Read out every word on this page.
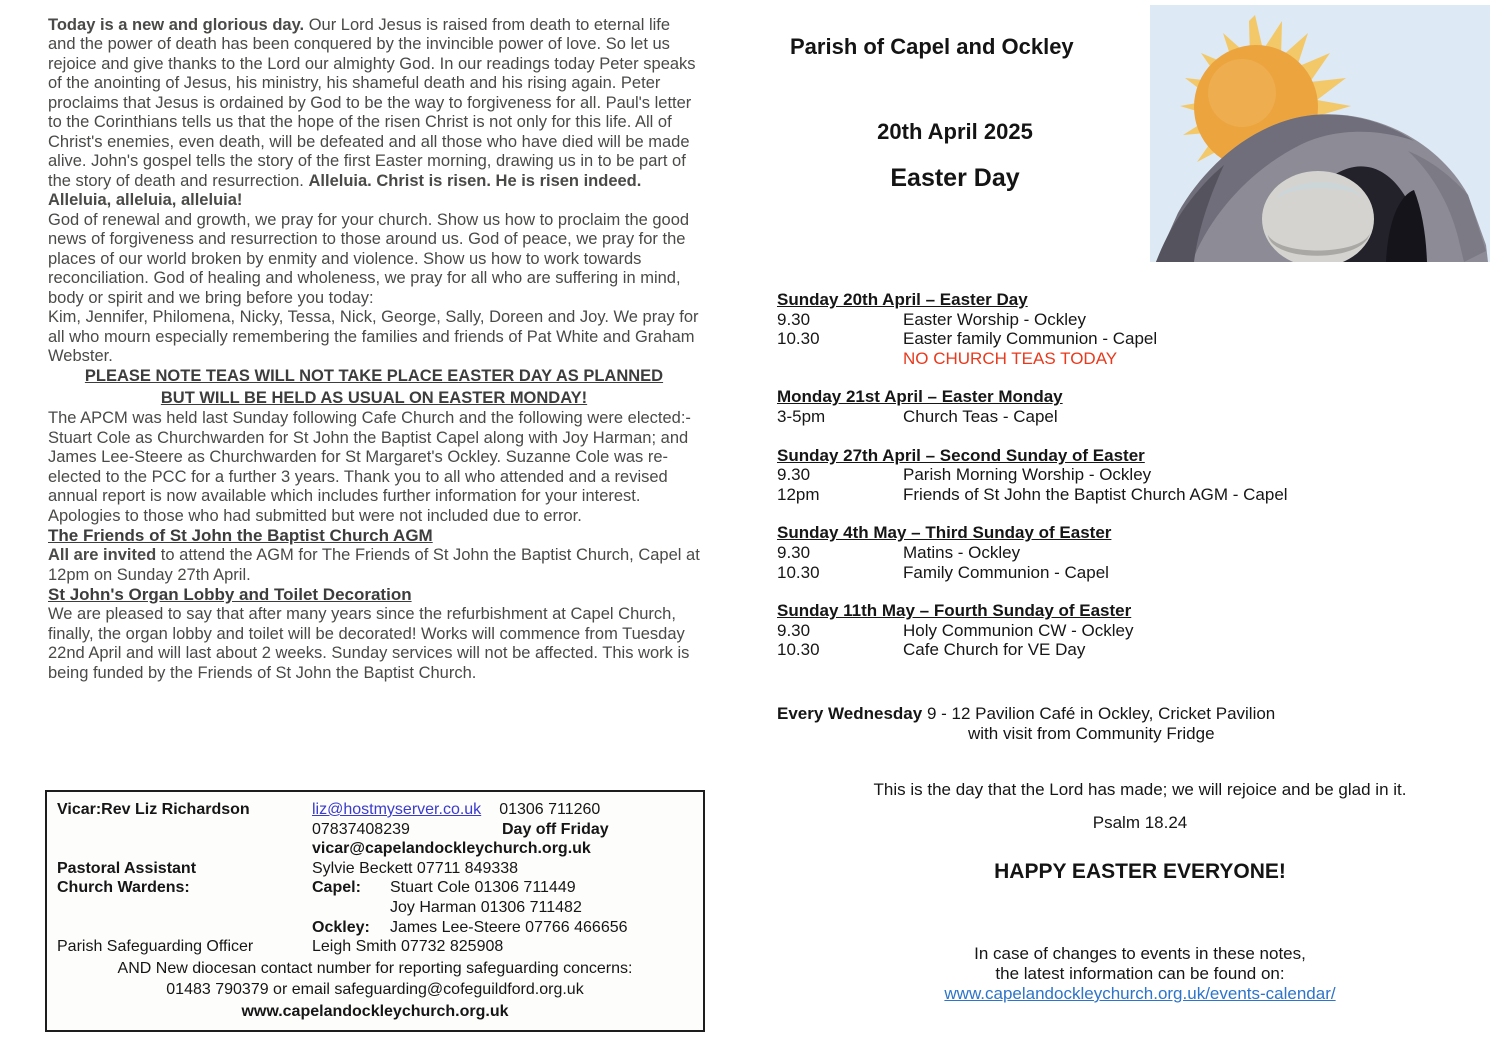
Today is a new and glorious day. Our Lord Jesus is raised from death to eternal life and the power of death has been conquered by the invincible power of love. So let us rejoice and give thanks to the Lord our almighty God. In our readings today Peter speaks of the anointing of Jesus, his ministry, his shameful death and his rising again. Peter proclaims that Jesus is ordained by God to be the way to forgiveness for all. Paul's letter to the Corinthians tells us that the hope of the risen Christ is not only for this life. All of Christ's enemies, even death, will be defeated and all those who have died will be made alive. John's gospel tells the story of the first Easter morning, drawing us in to be part of the story of death and resurrection. Alleluia. Christ is risen. He is risen indeed. Alleluia, alleluia, alleluia!

God of renewal and growth, we pray for your church. Show us how to proclaim the good news of forgiveness and resurrection to those around us. God of peace, we pray for the places of our world broken by enmity and violence. Show us how to work towards reconciliation. God of healing and wholeness, we pray for all who are suffering in mind, body or spirit and we bring before you today:
Kim, Jennifer, Philomena, Nicky, Tessa, Nick, George, Sally, Doreen and Joy. We pray for all who mourn especially remembering the families and friends of Pat White and Graham Webster.

PLEASE NOTE TEAS WILL NOT TAKE PLACE EASTER DAY AS PLANNED BUT WILL BE HELD AS USUAL ON EASTER MONDAY!

The APCM was held last Sunday following Cafe Church and the following were elected:- Stuart Cole as Churchwarden for St John the Baptist Capel along with Joy Harman; and James Lee-Steere as Churchwarden for St Margaret's Ockley. Suzanne Cole was re-elected to the PCC for a further 3 years. Thank you to all who attended and a revised annual report is now available which includes further information for your interest. Apologies to those who had submitted but were not included due to error.

The Friends of St John the Baptist Church AGM

All are invited to attend the AGM for The Friends of St John the Baptist Church, Capel at 12pm on Sunday 27th April.

St John's Organ Lobby and Toilet Decoration

We are pleased to say that after many years since the refurbishment at Capel Church, finally, the organ lobby and toilet will be decorated! Works will commence from Tuesday 22nd April and will last about 2 weeks. Sunday services will not be affected. This work is being funded by the Friends of St John the Baptist Church.

Vicar:Rev Liz Richardson	liz@hostmyserver.co.uk 01306 711260
07837408239	Day off Friday
vicar@capelandockleychurch.org.uk
Pastoral Assistant	Sylvie Beckett 07711 849338
Church Wardens:	Capel: Stuart Cole 01306 711449
Joy Harman 01306 711482
Ockley: James Lee-Steere 07766 466656
Parish Safeguarding Officer	Leigh Smith 07732 825908
AND New diocesan contact number for reporting safeguarding concerns:
01483 790379 or email safeguarding@cofeguildford.org.uk
www.capelandockleychurch.org.uk
Parish of Capel and Ockley
20th April 2025
Easter Day
Sunday 20th April – Easter Day
9.30	Easter Worship - Ockley
10.30	Easter family Communion - Capel
NO CHURCH TEAS TODAY
Monday 21st April – Easter Monday
3-5pm	Church Teas - Capel
Sunday 27th April – Second Sunday of Easter
9.30	Parish Morning Worship - Ockley
12pm	Friends of St John the Baptist Church AGM - Capel
Sunday 4th May – Third Sunday of Easter
9.30	Matins - Ockley
10.30	Family Communion - Capel
Sunday 11th May – Fourth Sunday of Easter
9.30	Holy Communion CW - Ockley
10.30	Cafe Church for VE Day
Every Wednesday 9 - 12 Pavilion Café in Ockley, Cricket Pavilion
with visit from Community Fridge
This is the day that the Lord has made; we will rejoice and be glad in it.
Psalm 18.24
HAPPY EASTER EVERYONE!
In case of changes to events in these notes,
the latest information can be found on:
www.capelandockleychurch.org.uk/events-calendar/
